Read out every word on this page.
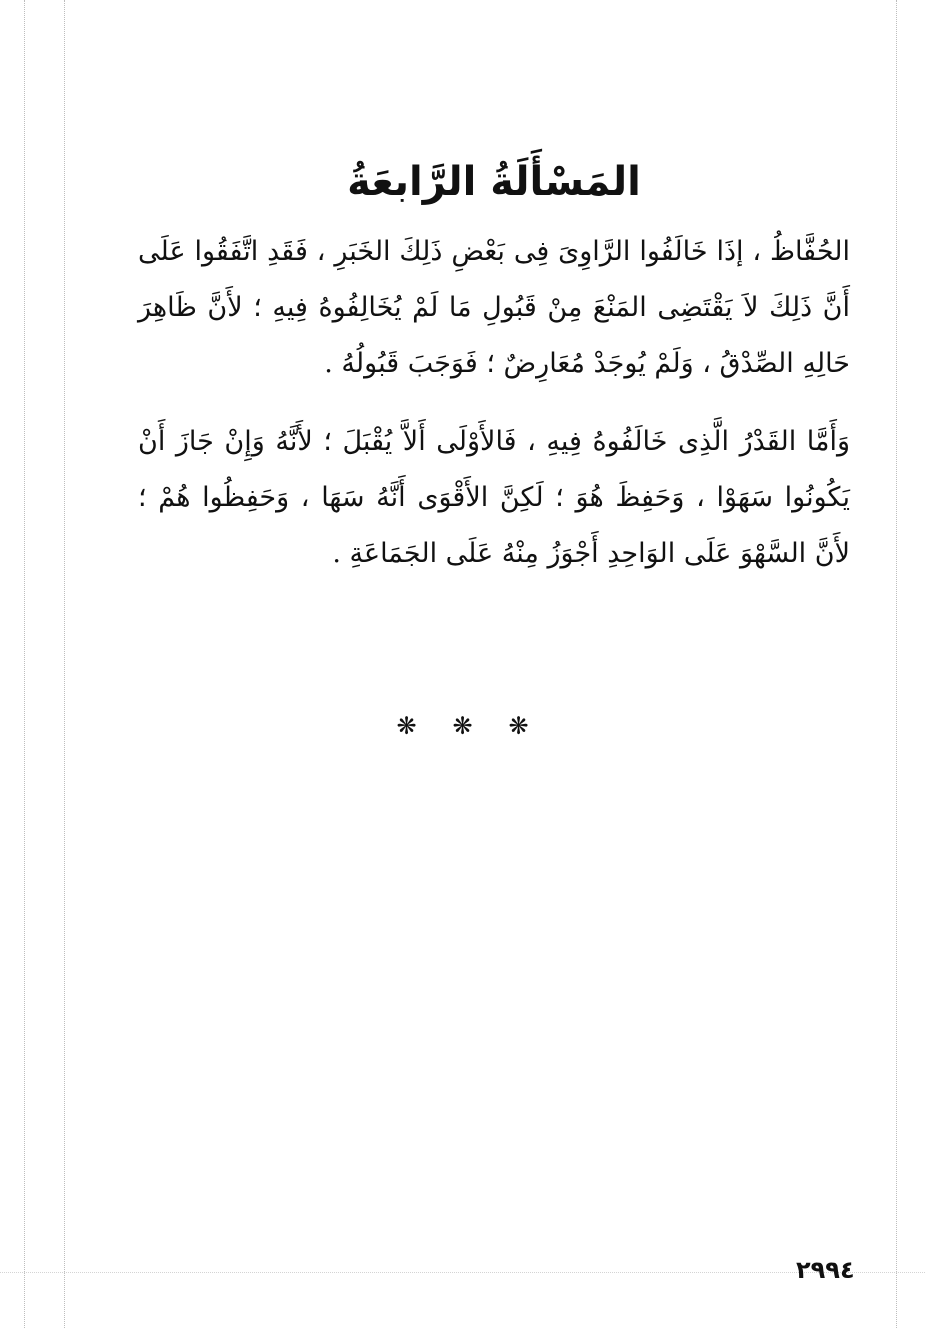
المَسْأَلَةُ الرَّابعَةُ

الحُفَّاظُ ، إذَا خَالَفُوا الرَّاوِىَ فِى بَعْضِ ذَلِكَ الخَبَرِ ، فَقَدِ اتَّفَقُوا عَلَى أَنَّ ذَلِكَ لاَ يَقْتَضِى المَنْعَ مِنْ قَبُولِ مَا لَمْ يُخَالِفُوهُ فِيهِ ؛ لأَنَّ ظَاهِرَ حَالِهِ الصِّدْقُ ، وَلَمْ يُوجَدْ مُعَارِضٌ ؛ فَوَجَبَ قَبُولُهُ .

وَأَمَّا القَدْرُ الَّذِى خَالَفُوهُ فِيهِ ، فَالأَوْلَى أَلاَّ يُقْبَلَ ؛ لأَنَّهُ وَإِنْ جَازَ أَنْ يَكُونُوا سَهَوْا ، وَحَفِظَ هُوَ ؛ لَكِنَّ الأَقْوَى أَنَّهُ سَهَا ، وَحَفِظُوا هُمْ ؛ لأَنَّ السَّهْوَ عَلَى الوَاحِدِ أَجْوَزُ مِنْهُ عَلَى الجَمَاعَةِ .

❋ ❋ ❋
٢٩٩٤
